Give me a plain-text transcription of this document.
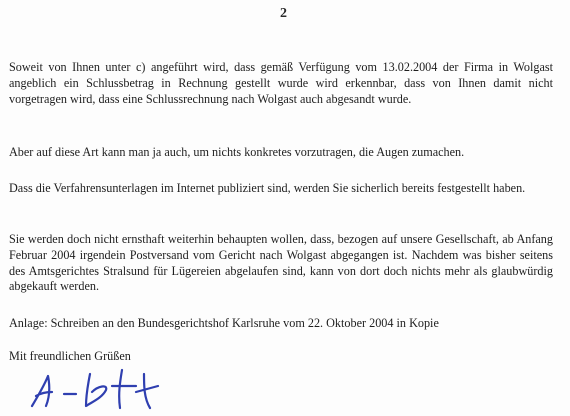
2
Soweit von Ihnen unter c) angeführt wird, dass gemäß Verfügung vom 13.02.2004 der Firma in Wolgast angeblich ein Schlussbetrag in Rechnung gestellt wurde wird erkennbar, dass von Ihnen damit nicht vorgetragen wird, dass eine Schlussrechnung nach Wolgast auch abgesandt wurde.
Aber auf diese Art kann man ja auch, um nichts konkretes vorzutragen, die Augen zumachen.
Dass die Verfahrensunterlagen im Internet publiziert sind, werden Sie sicherlich bereits festgestellt haben.
Sie werden doch nicht ernsthaft weiterhin behaupten wollen, dass, bezogen auf unsere Gesellschaft, ab Anfang Februar 2004 irgendein Postversand vom Gericht nach Wolgast abgegangen ist. Nachdem was bisher seitens des Amtsgerichtes Stralsund für Lügereien abgelaufen sind, kann von dort doch nichts mehr als glaubwürdig abgekauft werden.
Anlage: Schreiben an den Bundesgerichtshof Karlsruhe vom 22. Oktober 2004 in Kopie
Mit freundlichen Grüßen
